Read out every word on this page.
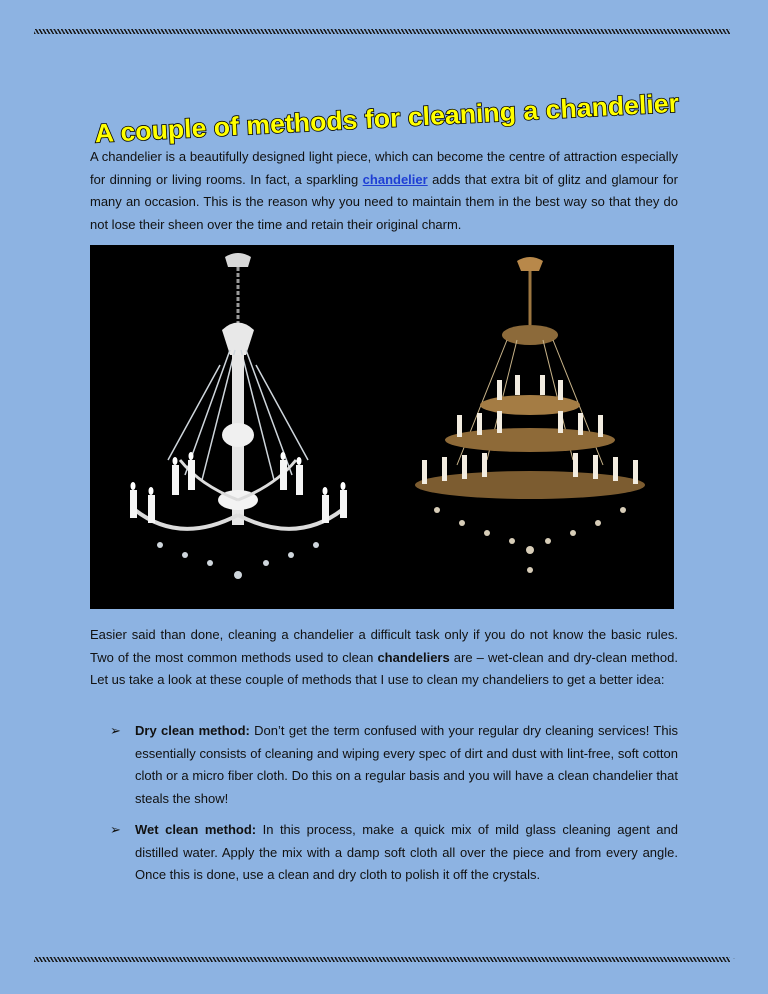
A couple of methods for cleaning a chandelier
A chandelier is a beautifully designed light piece, which can become the centre of attraction especially for dinning or living rooms. In fact, a sparkling chandelier adds that extra bit of glitz and glamour for many an occasion. This is the reason why you need to maintain them in the best way so that they do not lose their sheen over the time and retain their original charm.
Easier said than done, cleaning a chandelier a difficult task only if you do not know the basic rules. Two of the most common methods used to clean chandeliers are – wet-clean and dry-clean method. Let us take a look at these couple of methods that I use to clean my chandeliers to get a better idea:
➢ Dry clean method: Don’t get the term confused with your regular dry cleaning services! This essentially consists of cleaning and wiping every spec of dirt and dust with lint-free, soft cotton cloth or a micro fiber cloth. Do this on a regular basis and you will have a clean chandelier that steals the show!
➢ Wet clean method: In this process, make a quick mix of mild glass cleaning agent and distilled water. Apply the mix with a damp soft cloth all over the piece and from every angle. Once this is done, use a clean and dry cloth to polish it off the crystals.
·
